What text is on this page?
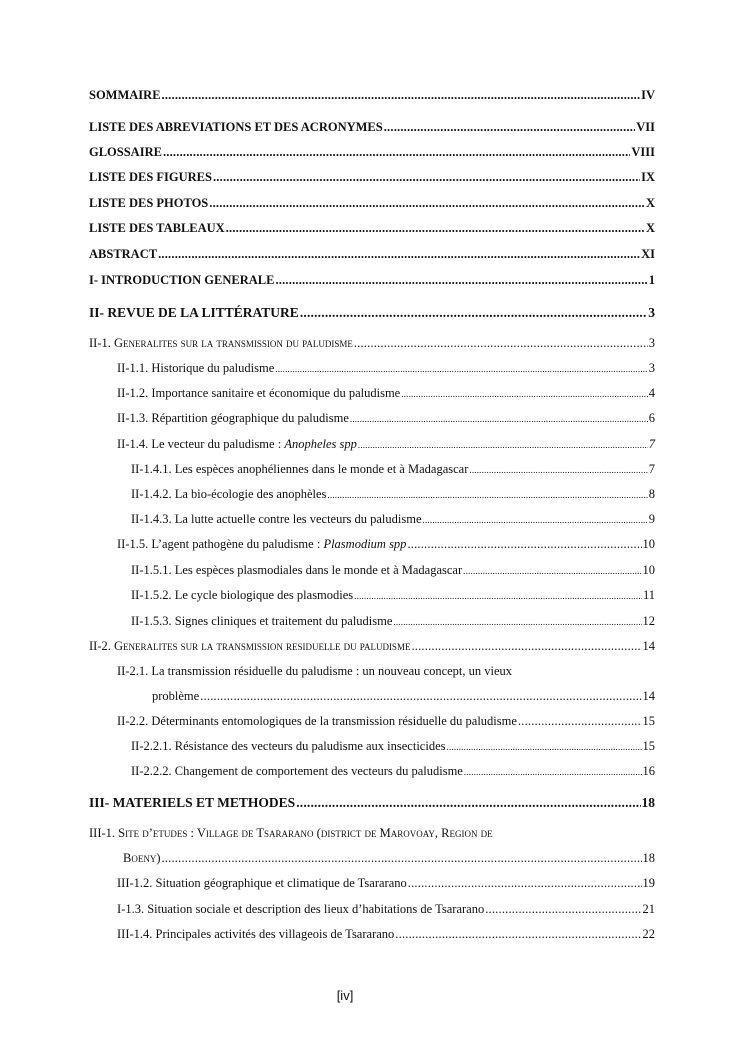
SOMMAIRE .....	IV
LISTE DES ABREVIATIONS ET DES ACRONYMES .....	VII
GLOSSAIRE .....	VIII
LISTE DES FIGURES .....	IX
LISTE DES PHOTOS .....	X
LISTE DES TABLEAUX .....	X
ABSTRACT .....	XI
I- INTRODUCTION GENERALE .....	1
II- REVUE DE LA LITTÉRATURE .....	3
II-1. Generalites sur la transmission du paludisme .....	3
II-1.1. Historique du paludisme .....	3
II-1.2. Importance sanitaire et économique du paludisme .....	4
II-1.3. Répartition géographique du paludisme .....	6
II-1.4. Le vecteur du paludisme :
Anopheles spp .....	7
II-1.4.1. Les espèces anophéliennes dans le monde et à Madagascar .....	7
II-1.4.2. La bio-écologie des anophèles .....	8
II-1.4.3. La lutte actuelle contre les vecteurs du paludisme .....	9
II-1.5. L’agent pathogène du paludisme :
Plasmodium spp .....	10
II-1.5.1. Les espèces plasmodiales dans le monde et à Madagascar .....	10
II-1.5.2. Le cycle biologique des plasmodies .....	11
II-1.5.3. Signes cliniques et traitement du paludisme .....	12
II-2. Generalites sur la transmission residuelle du paludisme .....	14
II-2.1. La transmission résiduelle du paludisme : un nouveau concept, un vieux
problème .....	14
II-2.2. Déterminants entomologiques de la transmission résiduelle du paludisme .....	15
II-2.2.1. Résistance des vecteurs du paludisme aux insecticides .....	15
II-2.2.2. Changement de comportement des vecteurs du paludisme .....	16
III- MATERIELS ET METHODES .....	18
III-1. Site d’etudes : Village de Tsararano (district de Marovoay, Region de
Boeny) .....	18
III-1.2. Situation géographique et climatique de Tsararano .....	19
I-1.3. Situation sociale et description des lieux d’habitations de Tsararano .....	21
III-1.4. Principales activités des villageois de Tsararano .....	22
[iv]
